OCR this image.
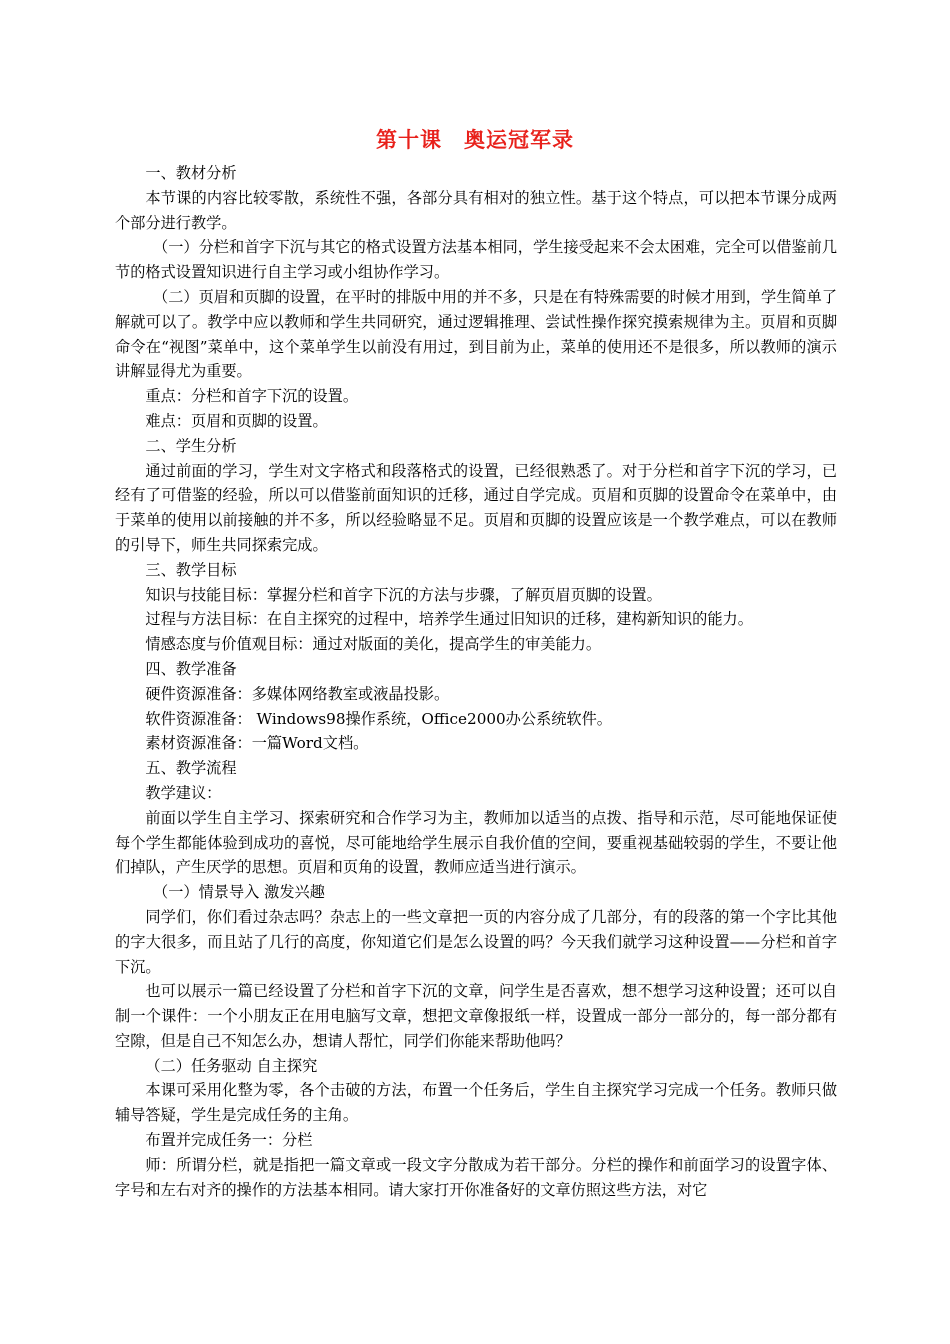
第十课　奥运冠军录

一、教材分析

本节课的内容比较零散，系统性不强，各部分具有相对的独立性。基于这个特点，可以把本节课分成两个部分进行教学。

（一）分栏和首字下沉与其它的格式设置方法基本相同，学生接受起来不会太困难，完全可以借鉴前几节的格式设置知识进行自主学习或小组协作学习。

（二）页眉和页脚的设置，在平时的排版中用的并不多，只是在有特殊需要的时候才用到，学生简单了解就可以了。教学中应以教师和学生共同研究，通过逻辑推理、尝试性操作探究摸索规律为主。页眉和页脚命令在“视图”菜单中，这个菜单学生以前没有用过，到目前为止，菜单的使用还不是很多，所以教师的演示讲解显得尤为重要。

重点：分栏和首字下沉的设置。

难点：页眉和页脚的设置。

二、学生分析

通过前面的学习，学生对文字格式和段落格式的设置，已经很熟悉了。对于分栏和首字下沉的学习，已经有了可借鉴的经验，所以可以借鉴前面知识的迁移，通过自学完成。页眉和页脚的设置命令在菜单中，由于菜单的使用以前接触的并不多，所以经验略显不足。页眉和页脚的设置应该是一个教学难点，可以在教师的引导下，师生共同探索完成。

三、教学目标

知识与技能目标：掌握分栏和首字下沉的方法与步骤，了解页眉页脚的设置。

过程与方法目标：在自主探究的过程中，培养学生通过旧知识的迁移，建构新知识的能力。

情感态度与价值观目标：通过对版面的美化，提高学生的审美能力。

四、教学准备

硬件资源准备：多媒体网络教室或液晶投影。

软件资源准备： Windows98操作系统，Office2000办公系统软件。

素材资源准备：一篇Word文档。

五、教学流程

教学建议：

前面以学生自主学习、探索研究和合作学习为主，教师加以适当的点拨、指导和示范，尽可能地保证使每个学生都能体验到成功的喜悦，尽可能地给学生展示自我价值的空间，要重视基础较弱的学生，不要让他们掉队，产生厌学的思想。页眉和页角的设置，教师应适当进行演示。

（一）情景导入 激发兴趣

同学们，你们看过杂志吗？杂志上的一些文章把一页的内容分成了几部分，有的段落的第一个字比其他的字大很多，而且站了几行的高度，你知道它们是怎么设置的吗？今天我们就学习这种设置——分栏和首字下沉。

也可以展示一篇已经设置了分栏和首字下沉的文章，问学生是否喜欢，想不想学习这种设置；还可以自制一个课件：一个小朋友正在用电脑写文章，想把文章像报纸一样，设置成一部分一部分的，每一部分都有空隙，但是自己不知怎么办，想请人帮忙，同学们你能来帮助他吗？

（二）任务驱动 自主探究

本课可采用化整为零，各个击破的方法，布置一个任务后，学生自主探究学习完成一个任务。教师只做辅导答疑，学生是完成任务的主角。

布置并完成任务一：分栏

师：所谓分栏，就是指把一篇文章或一段文字分散成为若干部分。分栏的操作和前面学习的设置字体、字号和左右对齐的操作的方法基本相同。请大家打开你准备好的文章仿照这些方法，对它
